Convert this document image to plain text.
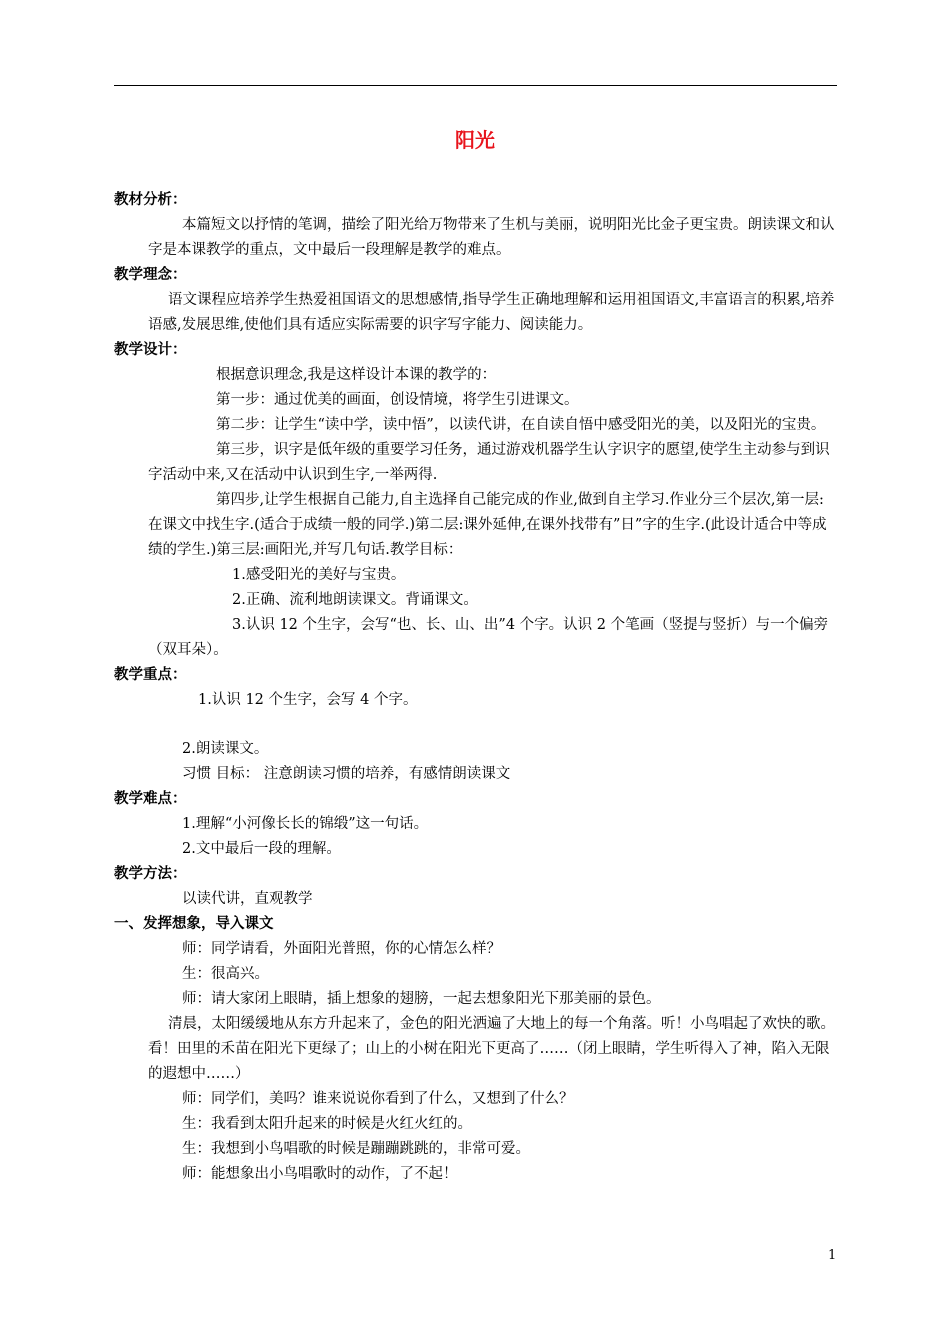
阳光
教材分析：

本篇短文以抒情的笔调，描绘了阳光给万物带来了生机与美丽，说明阳光比金子更宝贵。朗读课文和认字是本课教学的重点，文中最后一段理解是教学的难点。

教学理念：

语文课程应培养学生热爱祖国语文的思想感情,指导学生正确地理解和运用祖国语文,丰富语言的积累,培养语感,发展思维,使他们具有适应实际需要的识字写字能力、阅读能力。

教学设计：

根据意识理念,我是这样设计本课的教学的：

第一步：通过优美的画面，创设情境，将学生引进课文。

第二步：让学生“读中学，读中悟”，以读代讲，在自读自悟中感受阳光的美，以及阳光的宝贵。

第三步，识字是低年级的重要学习任务，通过游戏机器学生认字识字的愿望,使学生主动参与到识字活动中来,又在活动中认识到生字,一举两得.

第四步,让学生根据自己能力,自主选择自己能完成的作业,做到自主学习.作业分三个层次,第一层:在课文中找生字.(适合于成绩一般的同学.)第二层:课外延伸,在课外找带有”日”字的生字.(此设计适合中等成绩的学生.)第三层:画阳光,并写几句话.教学目标：

1.感受阳光的美好与宝贵。

2.正确、流利地朗读课文。背诵课文。

3.认识 12 个生字，会写“也、长、山、出”4 个字。认识 2 个笔画（竖提与竖折）与一个偏旁（双耳朵）。

教学重点：

1.认识 12 个生字，会写 4 个字。

2.朗读课文。

习惯 目标： 注意朗读习惯的培养，有感情朗读课文

教学难点：

1.理解“小河像长长的锦缎”这一句话。

2.文中最后一段的理解。

教学方法：

以读代讲，直观教学

一、发挥想象，导入课文

师：同学请看，外面阳光普照，你的心情怎么样？

生：很高兴。

师：请大家闭上眼睛，插上想象的翅膀，一起去想象阳光下那美丽的景色。

清晨，太阳缓缓地从东方升起来了，金色的阳光洒遍了大地上的每一个角落。听！小鸟唱起了欢快的歌。看！田里的禾苗在阳光下更绿了；山上的小树在阳光下更高了……（闭上眼睛，学生听得入了神，陷入无限的遐想中……）

师：同学们，美吗？谁来说说你看到了什么，又想到了什么？

生：我看到太阳升起来的时候是火红火红的。

生：我想到小鸟唱歌的时候是蹦蹦跳跳的，非常可爱。

师：能想象出小鸟唱歌时的动作，了不起！

1
